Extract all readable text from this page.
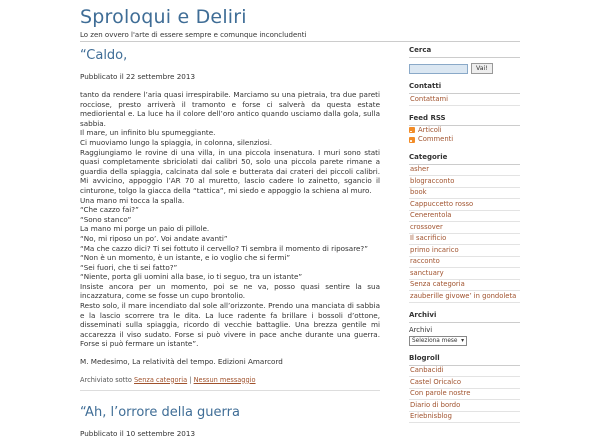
Sproloqui e Deliri
Lo zen ovvero l'arte di essere sempre e comunque inconcludenti
“Caldo,
Pubblicato il 22 settembre 2013

tanto da rendere l’aria quasi irrespirabile. Marciamo su una pietraia, tra due pareti rocciose, presto arriverà il tramonto e forse ci salverà da questa estate medioriental e. La luce ha il colore dell’oro antico quando usciamo dalla gola, sulla sabbia.

Il mare, un infinito blu spumeggiante.

Ci muoviamo lungo la spiaggia, in colonna, silenziosi.

Raggiungiamo le rovine di una villa, in una piccola insenatura. I muri sono stati quasi completamente sbriciolati dai calibri 50, solo una piccola parete rimane a guardia della spiaggia, calcinata dal sole e butterata dai crateri dei piccoli calibri. Mi avvicino, appoggio l’AR 70 al muretto, lascio cadere lo zainetto, sgancio il cinturone, tolgo la giacca della “tattica”, mi siedo e appoggio la schiena al muro.

Una mano mi tocca la spalla.

“Che cazzo fai?”

“Sono stanco”

La mano mi porge un paio di pillole.

“No, mi riposo un po’. Voi andate avanti”

“Ma che cazzo dici? Ti sei fottuto il cervello? Ti sembra il momento di riposare?”

“Non è un momento, è un istante, e io voglio che si fermi”

“Sei fuori, che ti sei fatto?”

“Niente, porta gli uomini alla base, io ti seguo, tra un istante”

Insiste ancora per un momento, poi se ne va, posso quasi sentire la sua incazzatura, come se fosse un cupo brontolio.

Resto solo, il mare incendiato dal sole all’orizzonte. Prendo una manciata di sabbia e la lascio scorrere tra le dita. La luce radente fa brillare i bossoli d’ottone, disseminati sulla spiaggia, ricordo di vecchie battaglie. Una brezza gentile mi accarezza il viso sudato. Forse si può vivere in pace anche durante una guerra. Forse si può fermare un istante”.

M. Medesimo, La relatività del tempo. Edizioni Amarcord

Archiviato sotto Senza categoria | Nessun messaggio
“Ah, l’orrore della guerra
Pubblicato il 10 settembre 2013
Cerca
Vai!
Contatti
Contattami
Feed RSS
Articoli
Commenti
Categorie
asher
blogracconto
book
Cappuccetto rosso
Cenerentola
crossover
Il sacrificio
primo incarico
racconto
sanctuary
Senza categoria
zauberille givowe’ in gondoleta
Archivi
Archivi
Seleziona mese ▾
Blogroll
Canbacidi
Castel Oricalco
Con parole nostre
Diario di bordo
Eriebnisblog
